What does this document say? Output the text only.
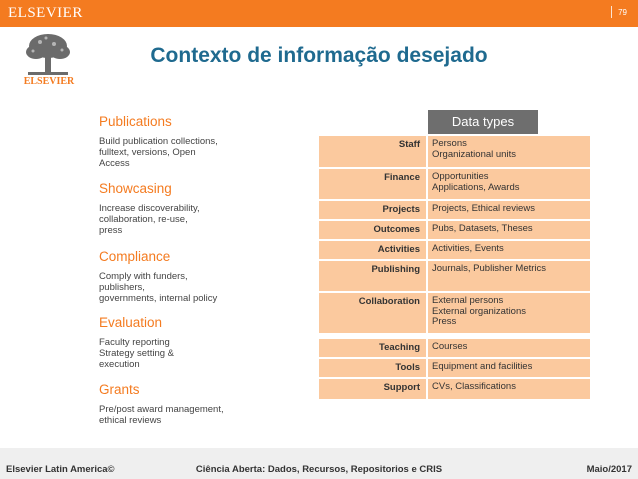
ELSEVIER	79
ELSEVIER
Contexto de informação desejado
Publications
Build publication collections,
fulltext, versions, Open
Access
Showcasing
Increase discoverability,
collaboration, re-use,
press
Compliance
Comply with funders,
publishers,
governments, internal policy
Evaluation
Faculty reporting
Strategy setting &
execution
Grants
Pre/post award management,
ethical reviews
Data types
Staff	Persons
Organizational units
Finance	Opportunities
Applications, Awards
Projects	Projects, Ethical reviews
Outcomes	Pubs, Datasets, Theses
Activities	Activities, Events
Publishing	Journals, Publisher Metrics
Collaboration	External persons
External organizations
Press
Teaching	Courses
Tools	Equipment and facilities
Support	CVs, Classifications
Elsevier Latin America©	Ciência Aberta: Dados, Recursos, Repositorios e CRIS	Maio/2017
